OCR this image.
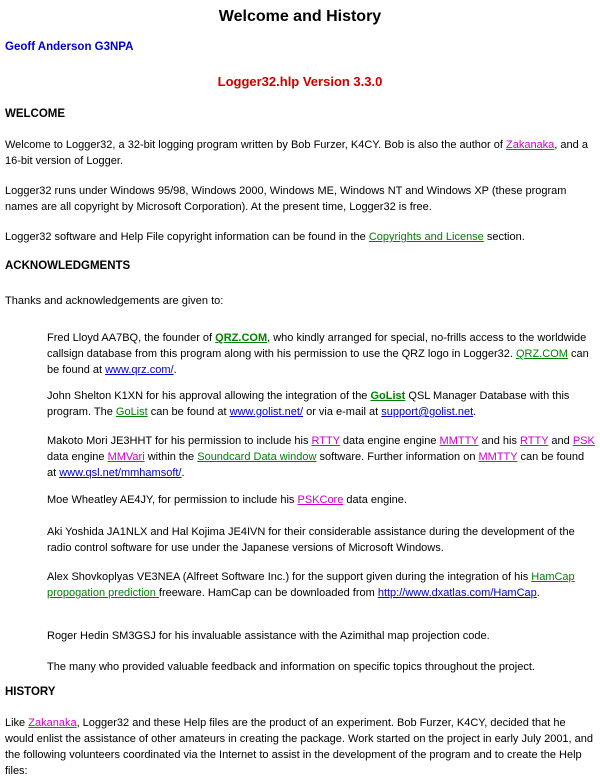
Welcome and History
Geoff Anderson G3NPA
Logger32.hlp Version 3.3.0
WELCOME

Welcome to Logger32, a 32-bit logging program written by Bob Furzer, K4CY. Bob is also the author of Zakanaka, and a 16-bit version of Logger.

Logger32 runs under Windows 95/98, Windows 2000, Windows ME, Windows NT and Windows XP (these program names are all copyright by Microsoft Corporation). At the present time, Logger32 is free.

Logger32 software and Help File copyright information can be found in the Copyrights and License section.

ACKNOWLEDGMENTS

Thanks and acknowledgements are given to:

Fred Lloyd AA7BQ, the founder of QRZ.COM, who kindly arranged for special, no-frills access to the worldwide callsign database from this program along with his permission to use the QRZ logo in Logger32. QRZ.COM can be found at www.qrz.com/.

John Shelton K1XN for his approval allowing the integration of the GoList QSL Manager Database with this program. The GoList can be found at www.golist.net/ or via e-mail at support@golist.net.

Makoto Mori JE3HHT for his permission to include his RTTY data engine engine MMTTY and his RTTY and PSK data engine MMVari within the Soundcard Data window software. Further information on MMTTY can be found at www.qsl.net/mmhamsoft/.

Moe Wheatley AE4JY, for permission to include his PSKCore data engine.

Aki Yoshida JA1NLX and Hal Kojima JE4IVN for their considerable assistance during the development of the radio control software for use under the Japanese versions of Microsoft Windows.

Alex Shovkoplyas VE3NEA (Alfreet Software Inc.) for the support given during the integration of his HamCap propogation prediction freeware. HamCap can be downloaded from http://www.dxatlas.com/HamCap.

Roger Hedin SM3GSJ for his invaluable assistance with the Azimithal map projection code.

The many who provided valuable feedback and information on specific topics throughout the project.

HISTORY

Like Zakanaka, Logger32 and these Help files are the product of an experiment. Bob Furzer, K4CY, decided that he would enlist the assistance of other amateurs in creating the package. Work started on the project in early July 2001, and the following volunteers coordinated via the Internet to assist in the development of the program and to create the Help files:
